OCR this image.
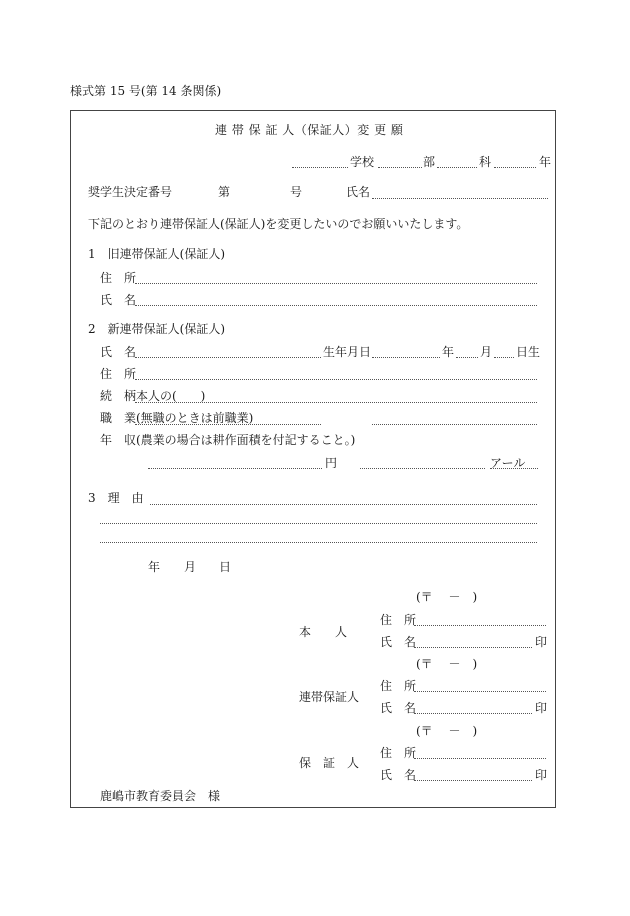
様式第 15 号(第 14 条関係)
連 帯 保 証 人（保証人）変 更 願
学校	部	科	年
奨学生決定番号	第	号	氏名
下記のとおり連帯保証人(保証人)を変更したいのでお願いいたします。
1　旧連帯保証人(保証人)
住　所
氏　名
2　新連帯保証人(保証人)
氏　名	生年月日	年 月 日生
住　所
続　柄 本人の(　　)
職　業 (無職のときは前職業)
年　収 (農業の場合は耕作面積を付記すること。)
円	アール
3　理　由
年 月 日
(〒　 －　)
本　　人
住　所
氏　名	印
(〒　 －　)
連帯保証人
住　所
氏　名	印
(〒　 －　)
保　証　人
住　所
氏　名	印
鹿嶋市教育委員会　様
